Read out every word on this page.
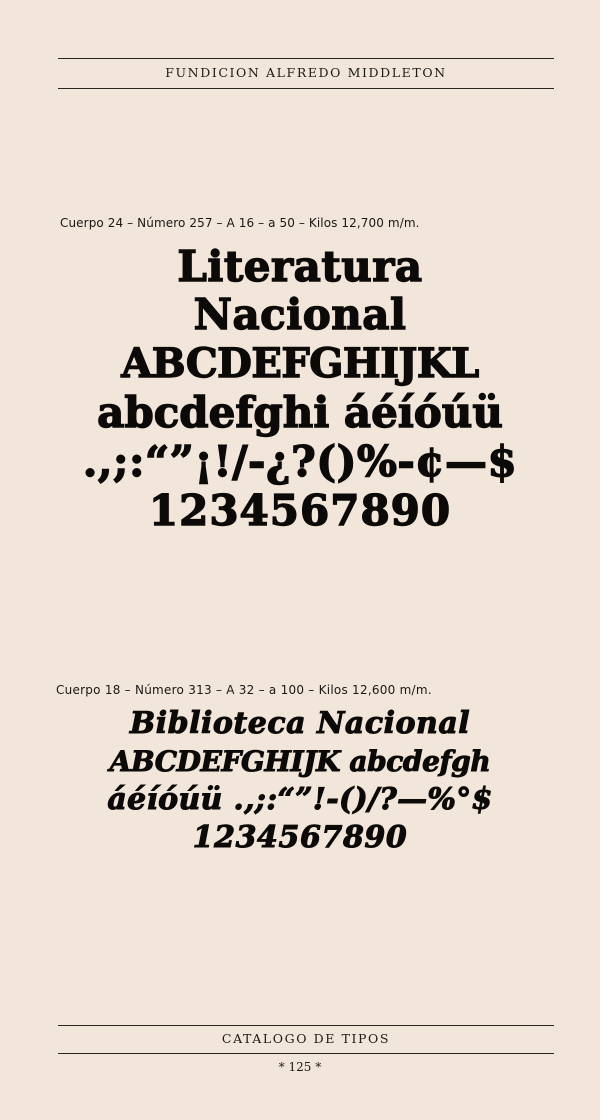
FUNDICION ALFREDO MIDDLETON
Cuerpo 24 – Número 257 – A 16 – a 50 – Kilos 12,700 m/m.
Literatura
Nacional
ABCDEFGHIJKL
abcdefghi áéíóúü
.,;:“”¡!/-¿?()%-¢—$
1234567890
Cuerpo 18 – Número 313 – A 32 – a 100 – Kilos 12,600 m/m.
Biblioteca Nacional
ABCDEFGHIJK abcdefgh
áéíóúü .,;:“”!-()/?—%°$
1234567890
CATALOGO DE TIPOS
* 125 *
